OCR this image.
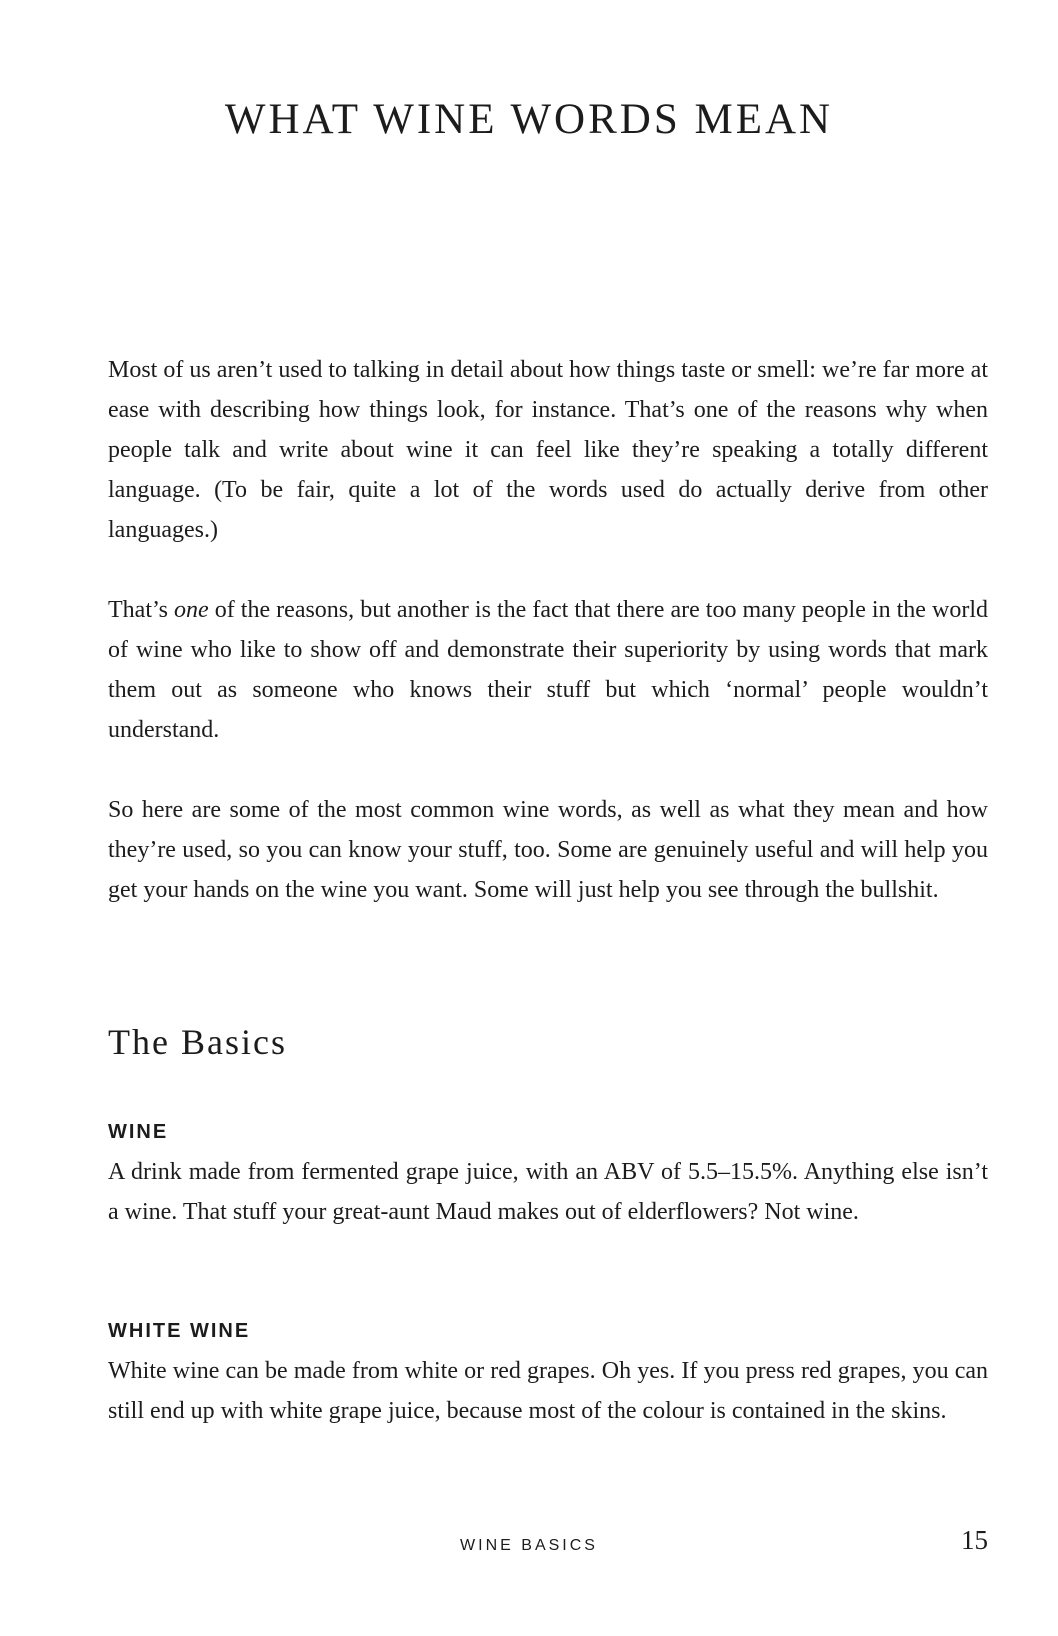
WHAT WINE WORDS MEAN

Most of us aren’t used to talking in detail about how things taste or smell: we’re far more at ease with describing how things look, for instance. That’s one of the reasons why when people talk and write about wine it can feel like they’re speaking a totally different language. (To be fair, quite a lot of the words used do actually derive from other languages.)

That’s one of the reasons, but another is the fact that there are too many people in the world of wine who like to show off and demonstrate their superiority by using words that mark them out as someone who knows their stuff but which ‘normal’ people wouldn’t understand.

So here are some of the most common wine words, as well as what they mean and how they’re used, so you can know your stuff, too. Some are genuinely useful and will help you get your hands on the wine you want. Some will just help you see through the bullshit.

The Basics
WINE

A drink made from fermented grape juice, with an ABV of 5.5–15.5%. Anything else isn’t a wine. That stuff your great-aunt Maud makes out of elderflowers? Not wine.

WHITE WINE

White wine can be made from white or red grapes. Oh yes. If you press red grapes, you can still end up with white grape juice, because most of the colour is contained in the skins.

WINE BASICS	15
